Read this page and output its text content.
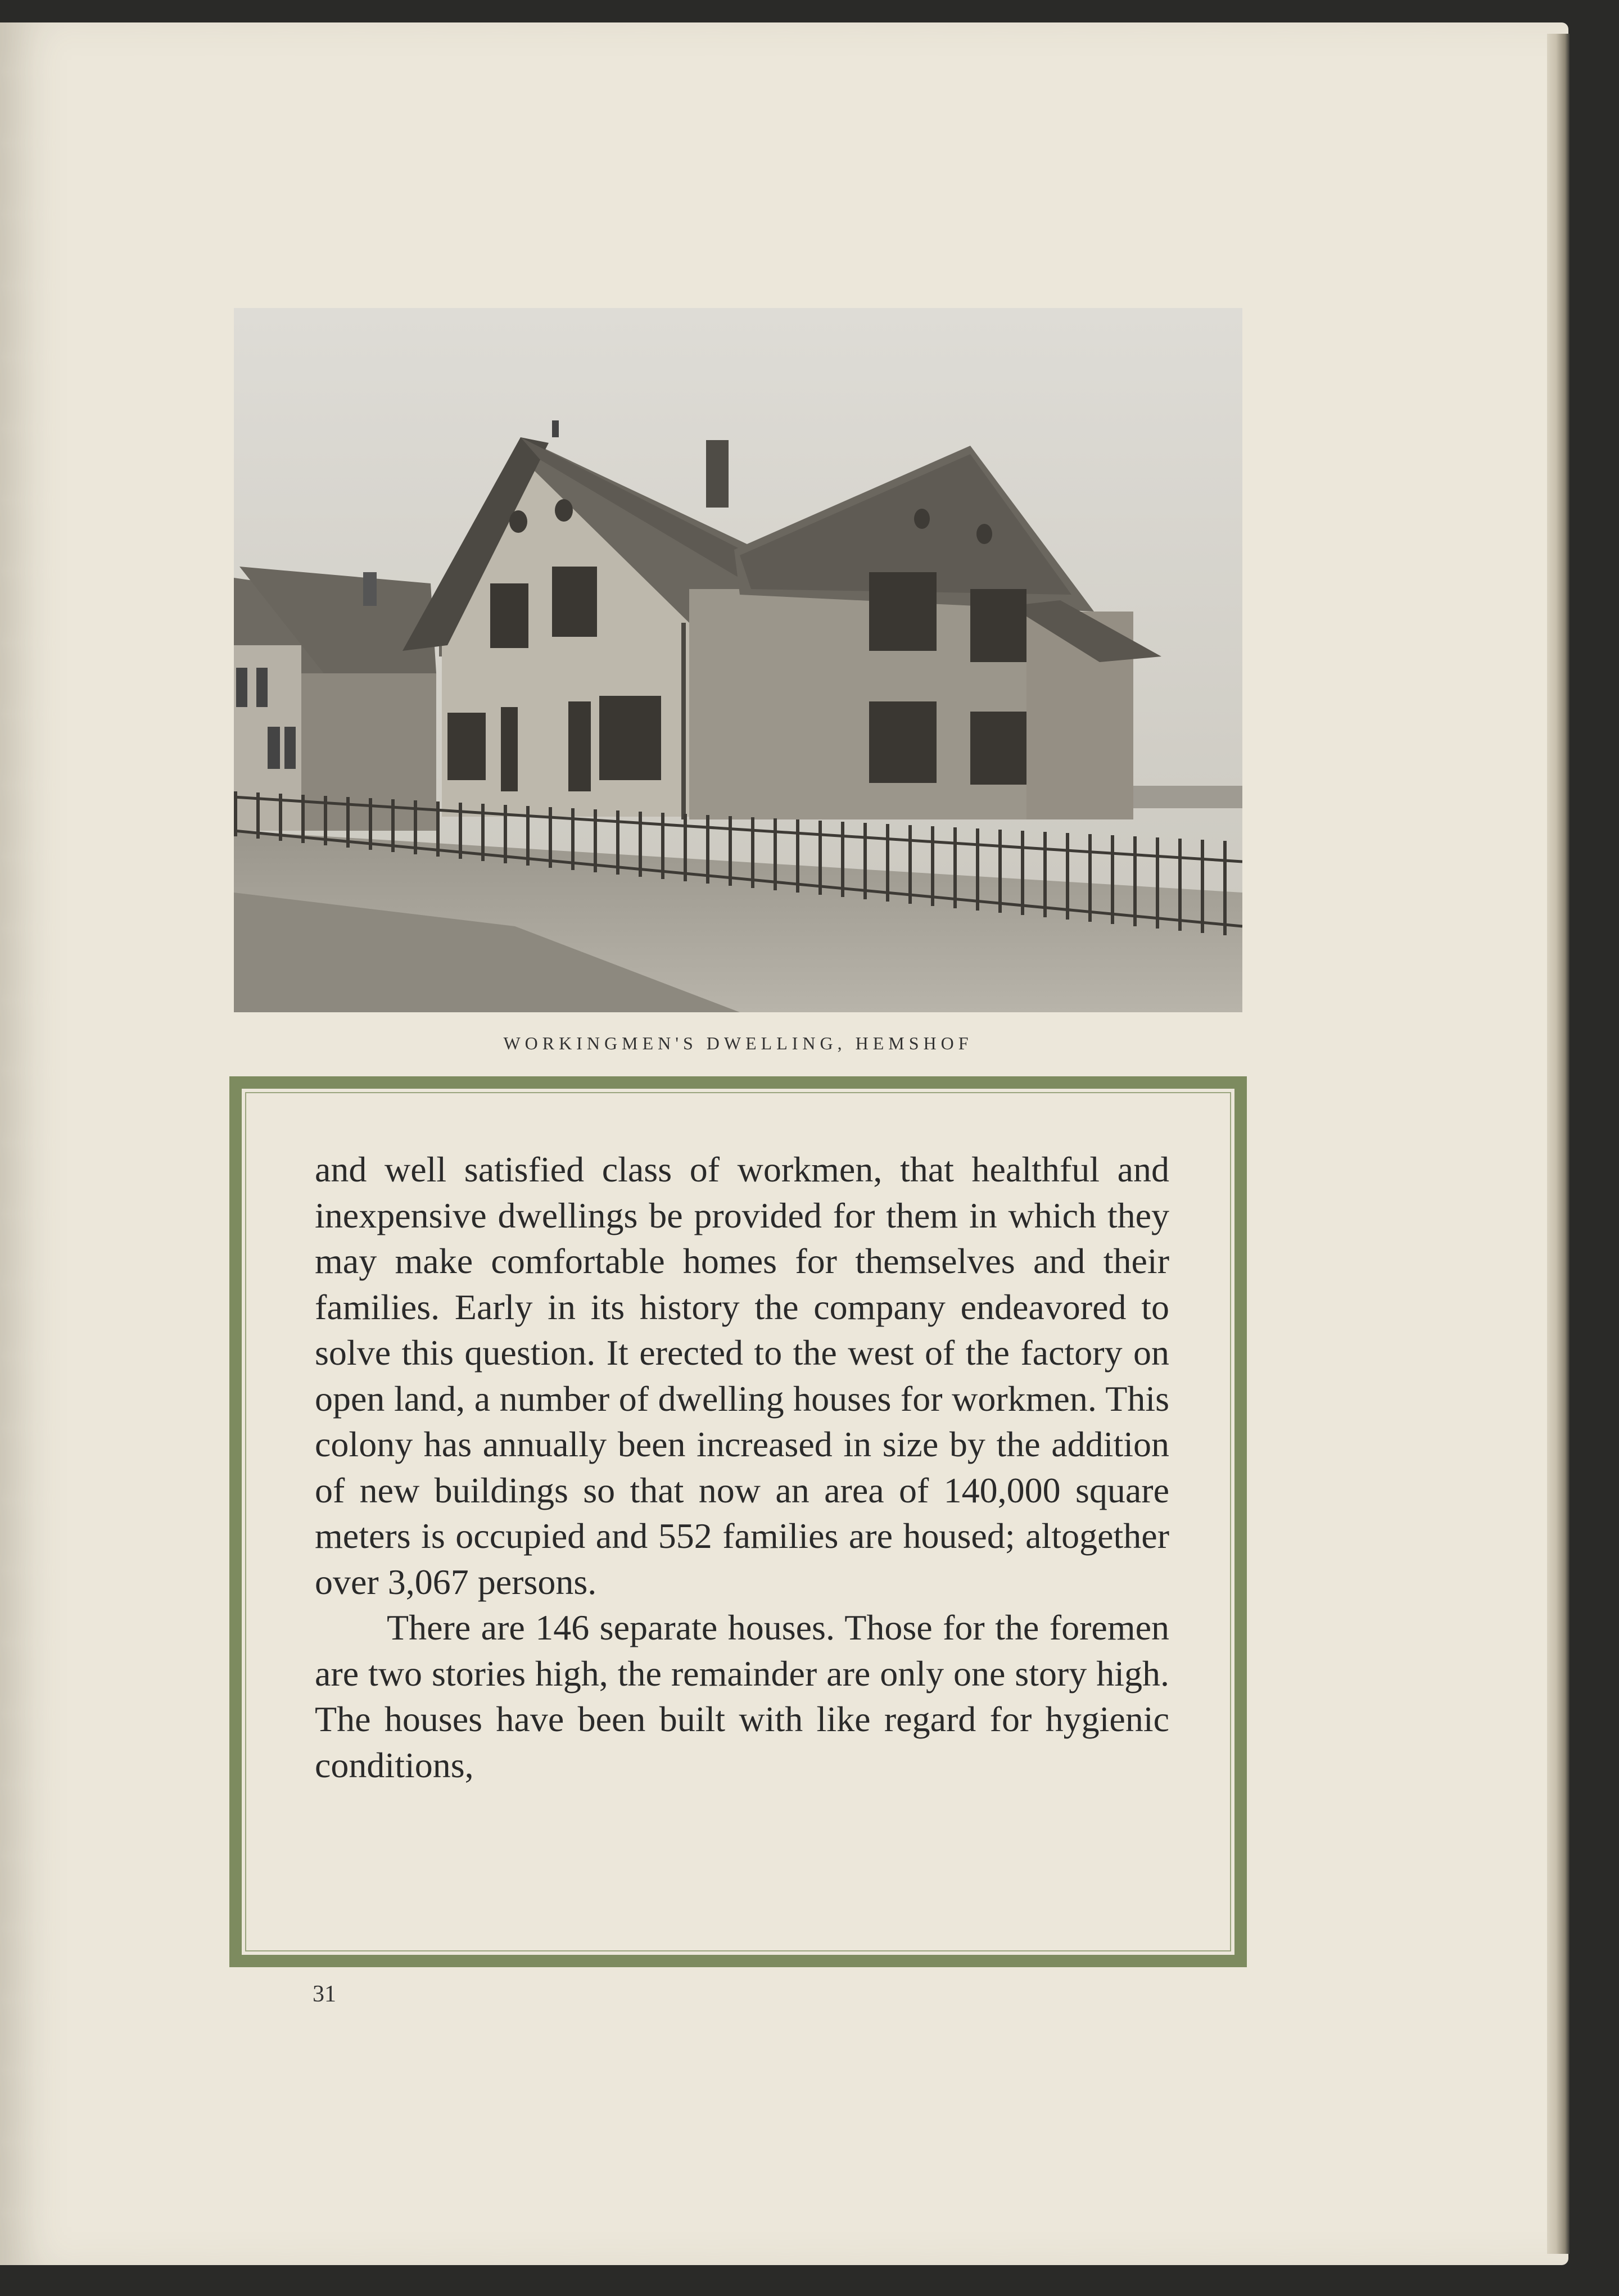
WORKINGMEN'S DWELLING, HEMSHOF

and well satisfied class of workmen, that healthful and inexpensive dwellings be provided for them in which they may make comfortable homes for themselves and their families. Early in its history the company endeavored to solve this question. It erected to the west of the factory on open land, a number of dwelling houses for workmen. This colony has annually been increased in size by the addition of new buildings so that now an area of 140,000 square meters is occupied and 552 families are housed; altogether over 3,067 persons.

There are 146 separate houses. Those for the foremen are two stories high, the remainder are only one story high. The houses have been built with like regard for hygienic conditions,

31
